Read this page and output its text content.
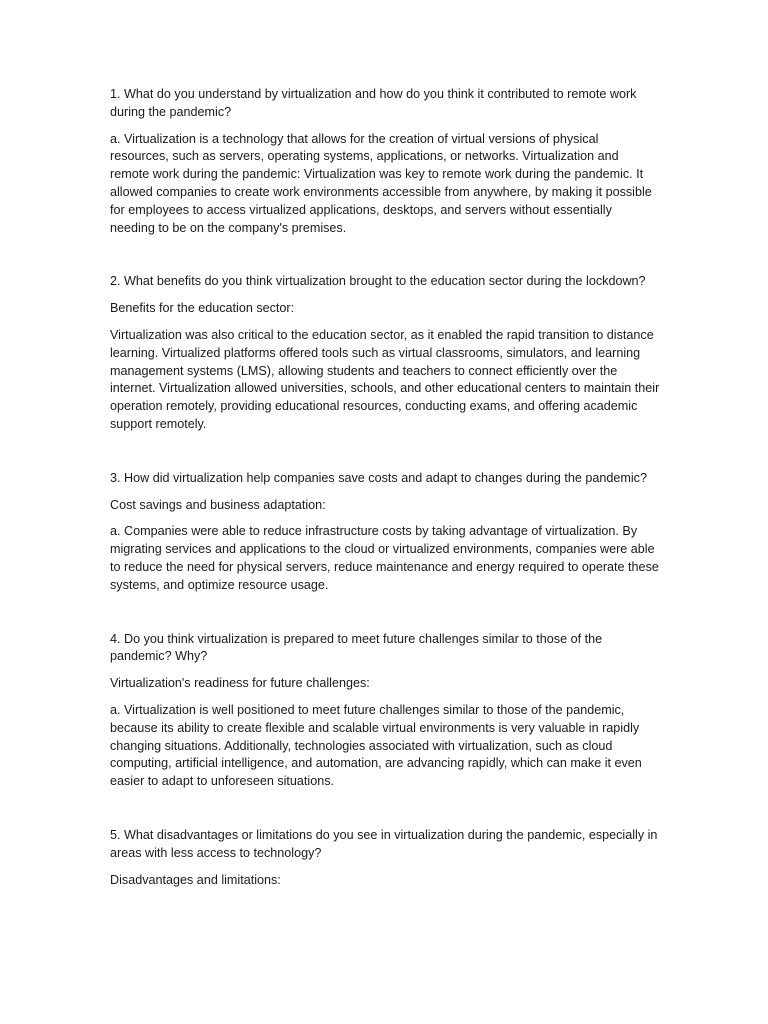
1. What do you understand by virtualization and how do you think it contributed to remote work during the pandemic?

a. Virtualization is a technology that allows for the creation of virtual versions of physical resources, such as servers, operating systems, applications, or networks. Virtualization and remote work during the pandemic: Virtualization was key to remote work during the pandemic. It allowed companies to create work environments accessible from anywhere, by making it possible for employees to access virtualized applications, desktops, and servers without essentially needing to be on the company's premises.

2. What benefits do you think virtualization brought to the education sector during the lockdown?

Benefits for the education sector:

Virtualization was also critical to the education sector, as it enabled the rapid transition to distance learning. Virtualized platforms offered tools such as virtual classrooms, simulators, and learning management systems (LMS), allowing students and teachers to connect efficiently over the internet. Virtualization allowed universities, schools, and other educational centers to maintain their operation remotely, providing educational resources, conducting exams, and offering academic support remotely.

3. How did virtualization help companies save costs and adapt to changes during the pandemic?

Cost savings and business adaptation:

a. Companies were able to reduce infrastructure costs by taking advantage of virtualization. By migrating services and applications to the cloud or virtualized environments, companies were able to reduce the need for physical servers, reduce maintenance and energy required to operate these systems, and optimize resource usage.

4. Do you think virtualization is prepared to meet future challenges similar to those of the pandemic? Why?

Virtualization's readiness for future challenges:

a. Virtualization is well positioned to meet future challenges similar to those of the pandemic, because its ability to create flexible and scalable virtual environments is very valuable in rapidly changing situations. Additionally, technologies associated with virtualization, such as cloud computing, artificial intelligence, and automation, are advancing rapidly, which can make it even easier to adapt to unforeseen situations.

5. What disadvantages or limitations do you see in virtualization during the pandemic, especially in areas with less access to technology?

Disadvantages and limitations:
